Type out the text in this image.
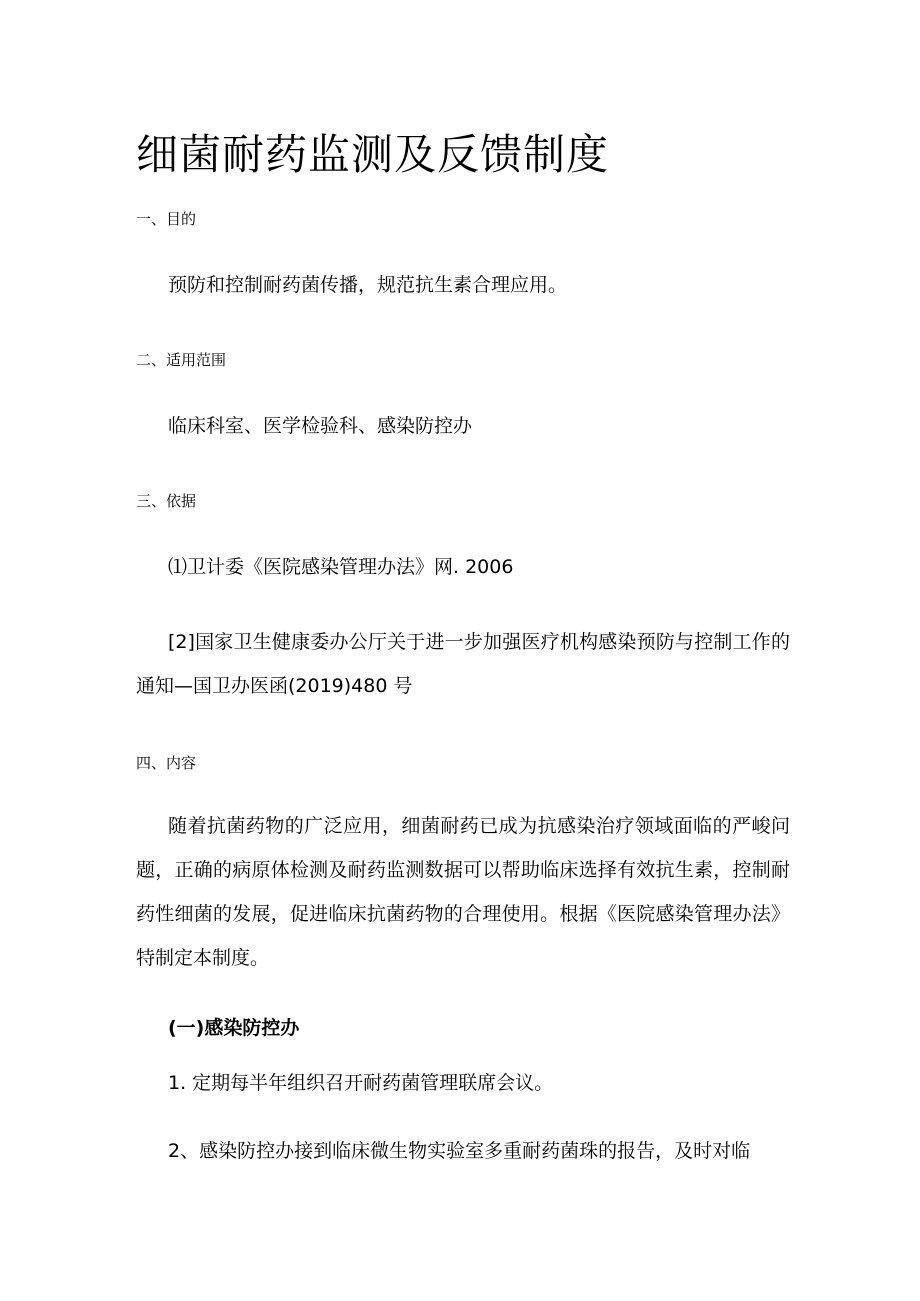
细菌耐药监测及反馈制度

一、目的

预防和控制耐药菌传播，规范抗生素合理应用。

二、适用范围

临床科室、医学检验科、感染防控办

三、依据

⑴卫计委《医院感染管理办法》网. 2006

[2]国家卫生健康委办公厅关于进一步加强医疗机构感染预防与控制工作的通知—国卫办医函(2019)480 号

四、内容

随着抗菌药物的广泛应用，细菌耐药已成为抗感染治疗领域面临的严峻问题，正确的病原体检测及耐药监测数据可以帮助临床选择有效抗生素，控制耐药性细菌的发展，促进临床抗菌药物的合理使用。根据《医院感染管理办法》特制定本制度。

(一)感染防控办

1. 定期每半年组织召开耐药菌管理联席会议。

2、感染防控办接到临床微生物实验室多重耐药菌珠的报告，及时对临
